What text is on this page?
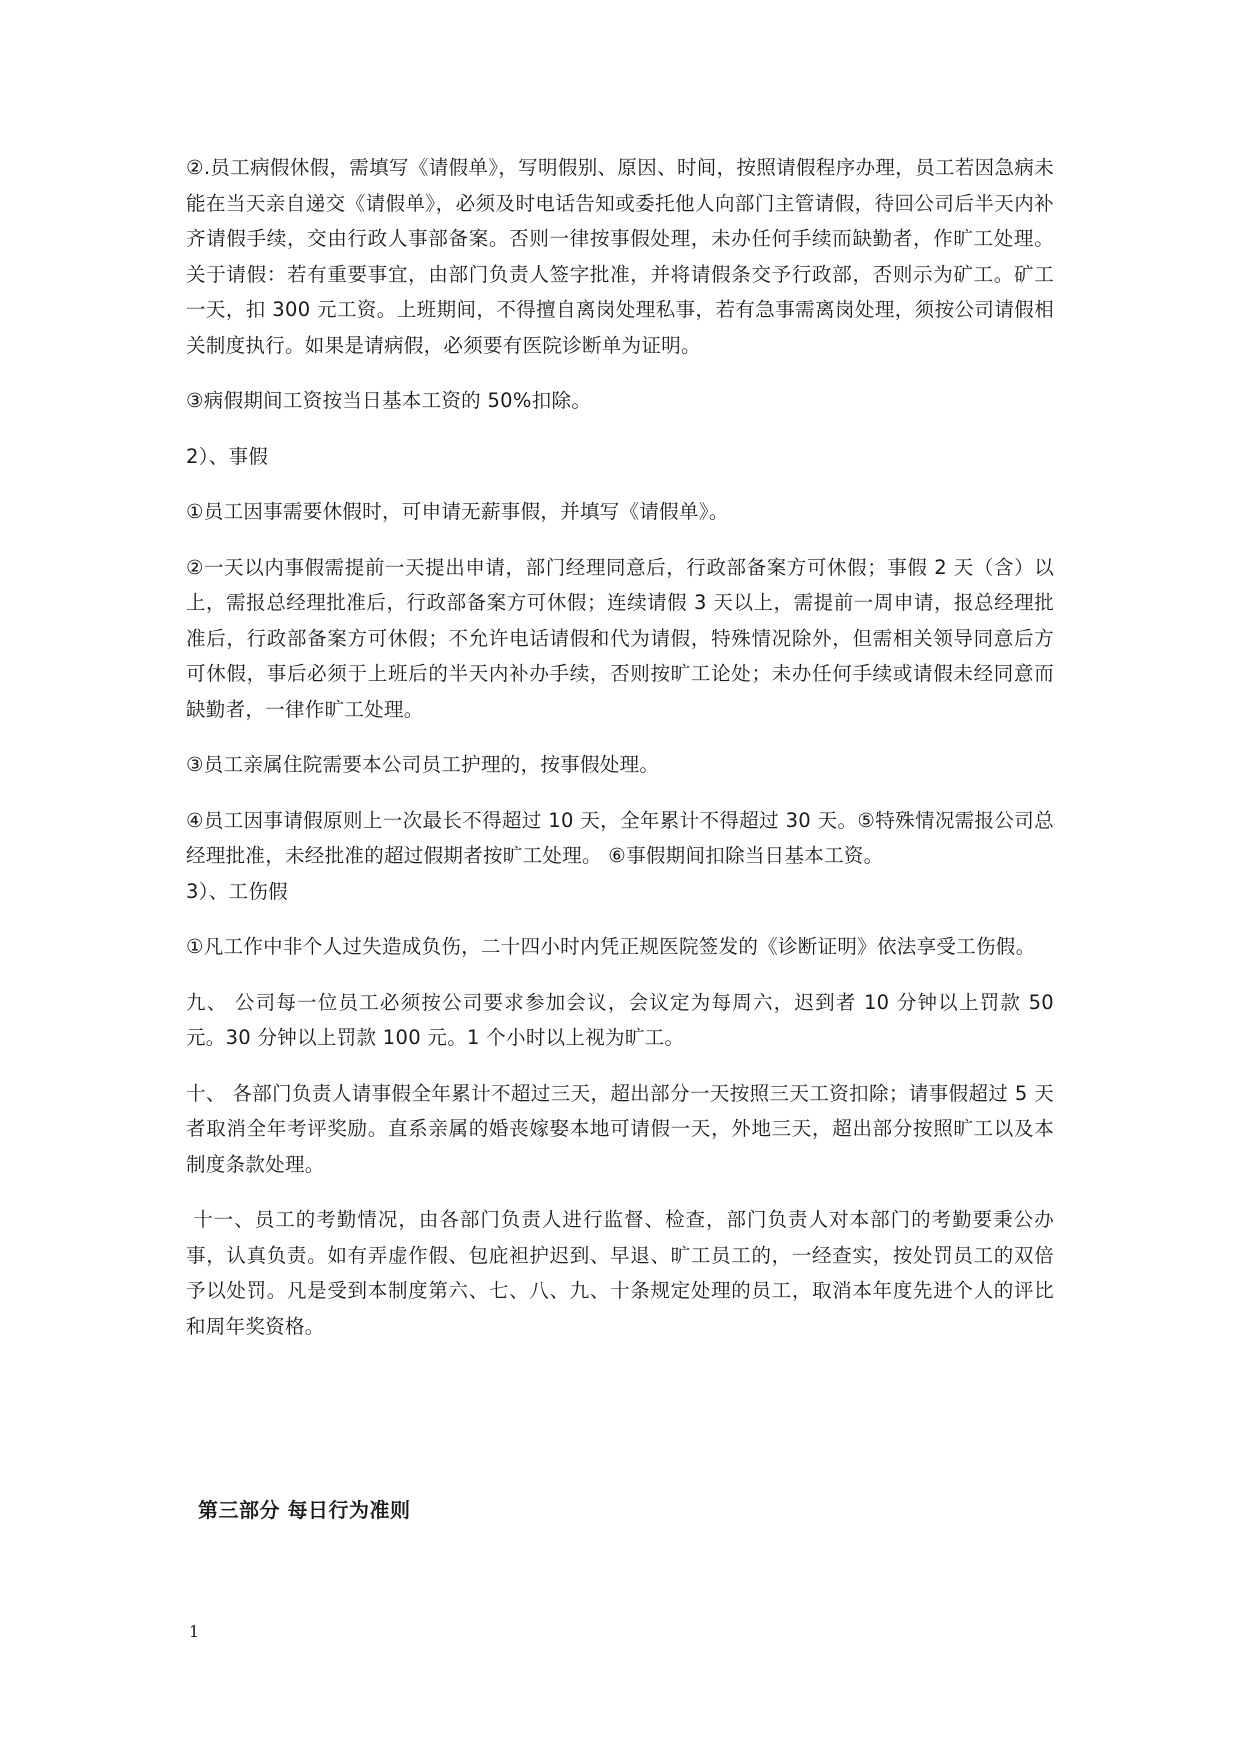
②.员工病假休假，需填写《请假单》，写明假别、原因、时间，按照请假程序办理，员工若因急病未能在当天亲自递交《请假单》，必须及时电话告知或委托他人向部门主管请假，待回公司后半天内补齐请假手续，交由行政人事部备案。否则一律按事假处理，未办任何手续而缺勤者，作旷工处理。关于请假：若有重要事宜，由部门负责人签字批准，并将请假条交予行政部，否则示为矿工。矿工一天，扣 300 元工资。上班期间，不得擅自离岗处理私事，若有急事需离岗处理，须按公司请假相关制度执行。如果是请病假，必须要有医院诊断单为证明。

③病假期间工资按当日基本工资的 50%扣除。

2）、事假

①员工因事需要休假时，可申请无薪事假，并填写《请假单》。

②一天以内事假需提前一天提出申请，部门经理同意后，行政部备案方可休假；事假 2 天（含）以上，需报总经理批准后，行政部备案方可休假；连续请假 3 天以上，需提前一周申请，报总经理批准后，行政部备案方可休假；不允许电话请假和代为请假，特殊情况除外，但需相关领导同意后方可休假，事后必须于上班后的半天内补办手续，否则按旷工论处；未办任何手续或请假未经同意而缺勤者，一律作旷工处理。

③员工亲属住院需要本公司员工护理的，按事假处理。

④员工因事请假原则上一次最长不得超过 10 天，全年累计不得超过 30 天。⑤特殊情况需报公司总经理批准，未经批准的超过假期者按旷工处理。 ⑥事假期间扣除当日基本工资。

3）、工伤假

①凡工作中非个人过失造成负伤，二十四小时内凭正规医院签发的《诊断证明》依法享受工伤假。

九、 公司每一位员工必须按公司要求参加会议，会议定为每周六，迟到者 10 分钟以上罚款 50 元。30 分钟以上罚款 100 元。1 个小时以上视为旷工。

十、 各部门负责人请事假全年累计不超过三天，超出部分一天按照三天工资扣除；请事假超过 5 天者取消全年考评奖励。直系亲属的婚丧嫁娶本地可请假一天，外地三天，超出部分按照旷工以及本制度条款处理。

十一、员工的考勤情况，由各部门负责人进行监督、检查，部门负责人对本部门的考勤要秉公办事，认真负责。如有弄虚作假、包庇袒护迟到、早退、旷工员工的，一经查实，按处罚员工的双倍予以处罚。凡是受到本制度第六、七、八、九、十条规定处理的员工，取消本年度先进个人的评比和周年奖资格。

第三部分 每日行为准则
1
